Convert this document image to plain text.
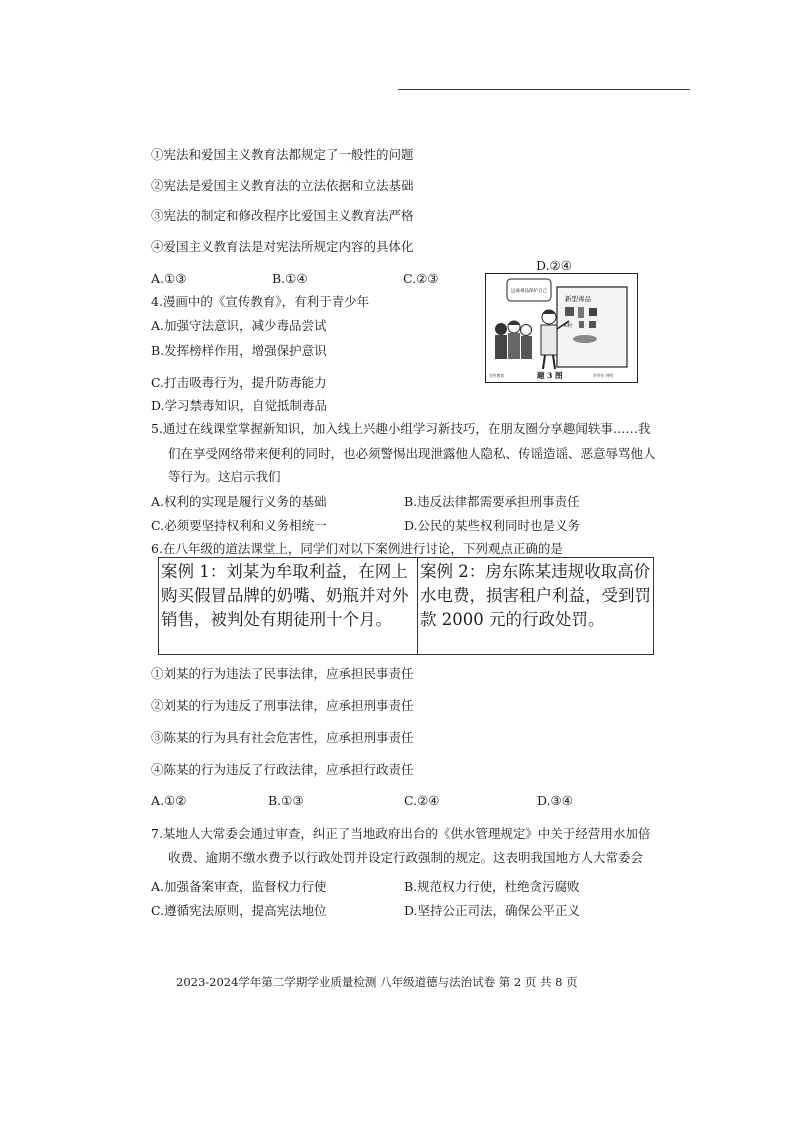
①宪法和爱国主义教育法都规定了一般性的问题
②宪法是爱国主义教育法的立法依据和立法基础
③宪法的制定和修改程序比爱国主义教育法严格
④爱国主义教育法是对宪法所规定内容的具体化
A.①③	B.①④	C.②③
D.②④
4.漫画中的《宣传教育》，有利于青少年
A.加强守法意识，减少毒品尝试
B.发挥榜样作用，增强保护意识
C.打击吸毒行为，提升防毒能力
D.学习禁毒知识，自觉抵制毒品
新型毒品
K粉
远离毒品保护自己
宣传教育	题 3 图	李华作 钟鸣
5.通过在线课堂掌握新知识，加入线上兴趣小组学习新技巧，在朋友圈分享趣闻轶事……我
们在享受网络带来便利的同时，也必须警惕出现泄露他人隐私、传谣造谣、恶意辱骂他人
等行为。这启示我们
A.权利的实现是履行义务的基础	B.违反法律都需要承担刑事责任
C.必须要坚持权利和义务相统一	D.公民的某些权利同时也是义务
6.在八年级的道法课堂上，同学们对以下案例进行讨论，下列观点正确的是
案例 1：刘某为牟取利益，在网上购买假冒品牌的奶嘴、奶瓶并对外销售，被判处有期徒刑十个月。
案例 2：房东陈某违规收取高价水电费，损害租户利益，受到罚款 2000 元的行政处罚。
①刘某的行为违法了民事法律，应承担民事责任
②刘某的行为违反了刑事法律，应承担刑事责任
③陈某的行为具有社会危害性，应承担刑事责任
④陈某的行为违反了行政法律，应承担行政责任
A.①②	B.①③	C.②④	D.③④
7.某地人大常委会通过审查，纠正了当地政府出台的《供水管理规定》中关于经营用水加倍
收费、逾期不缴水费予以行政处罚并设定行政强制的规定。这表明我国地方人大常委会
A.加强备案审查，监督权力行使	B.规范权力行使，杜绝贪污腐败
C.遵循宪法原则，提高宪法地位	D.坚持公正司法，确保公平正义
2023-2024学年第二学期学业质量检测 八年级道德与法治试卷 第 2 页 共 8 页
